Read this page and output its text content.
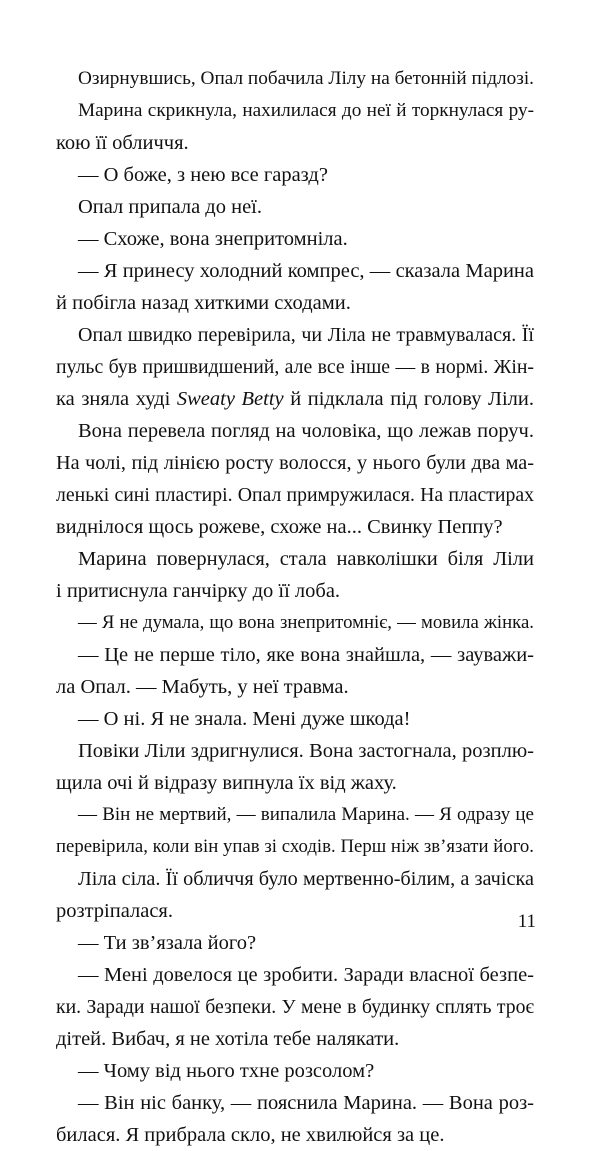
Озирнувшись, Опал побачила Лілу на бетонній підлозі.
Марина скрикнула, нахилилася до неї й торкнулася ру-
кою її обличчя.
— О боже, з нею все гаразд?
Опал припала до неї.
— Схоже, вона знепритомніла.
— Я принесу холодний компрес, — сказала Марина
й побігла назад хиткими сходами.
Опал швидко перевірила, чи Ліла не травмувалася. Її
пульс був пришвидшений, але все інше — в нормі. Жін-
ка зняла худі Sweaty Betty й підклала під голову Ліли.
Вона перевела погляд на чоловіка, що лежав поруч.
На чолі, під лінією росту волосся, у нього були два ма-
ленькі сині пластирі. Опал примружилася. На пластирах
виднілося щось рожеве, схоже на... Свинку Пеппу?
Марина повернулася, стала навколішки біля Ліли
і притиснула ганчірку до її лоба.
— Я не думала, що вона знепритомніє, — мовила жінка.
— Це не перше тіло, яке вона знайшла, — зауважи-
ла Опал. — Мабуть, у неї травма.
— О ні. Я не знала. Мені дуже шкода!
Повіки Ліли здригнулися. Вона застогнала, розплю-
щила очі й відразу випнула їх від жаху.
— Він не мертвий, — випалила Марина. — Я одразу це
перевірила, коли він упав зі сходів. Перш ніж зв’язати його.
Ліла сіла. Її обличчя було мертвенно-білим, а зачіска
розтріпалася.
— Ти зв’язала його?
— Мені довелося це зробити. Заради власної безпе-
ки. Заради нашої безпеки. У мене в будинку сплять троє
дітей. Вибач, я не хотіла тебе налякати.
— Чому від нього тхне розсолом?
— Він ніс банку, — пояснила Марина. — Вона роз-
билася. Я прибрала скло, не хвилюйся за це.
11
